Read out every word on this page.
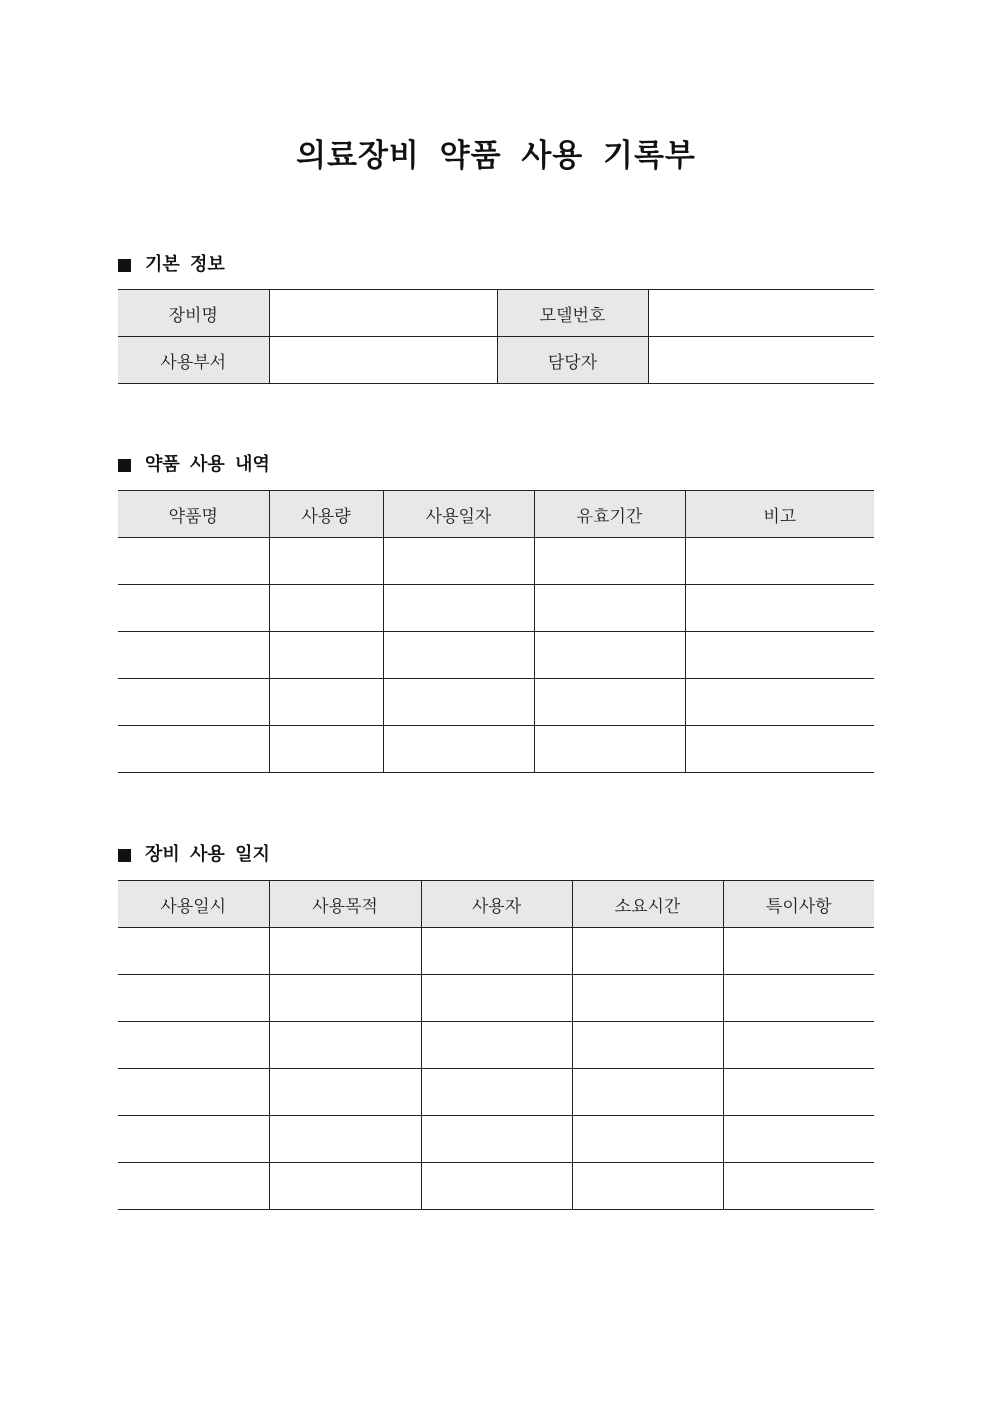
의료장비 약품 사용 기록부
기본 정보
장비명		모델번호	
사용부서		담당자	
약품 사용 내역
약품명	사용량	사용일자	유효기간	비고

장비 사용 일지
사용일시	사용목적	사용자	소요시간	특이사항
